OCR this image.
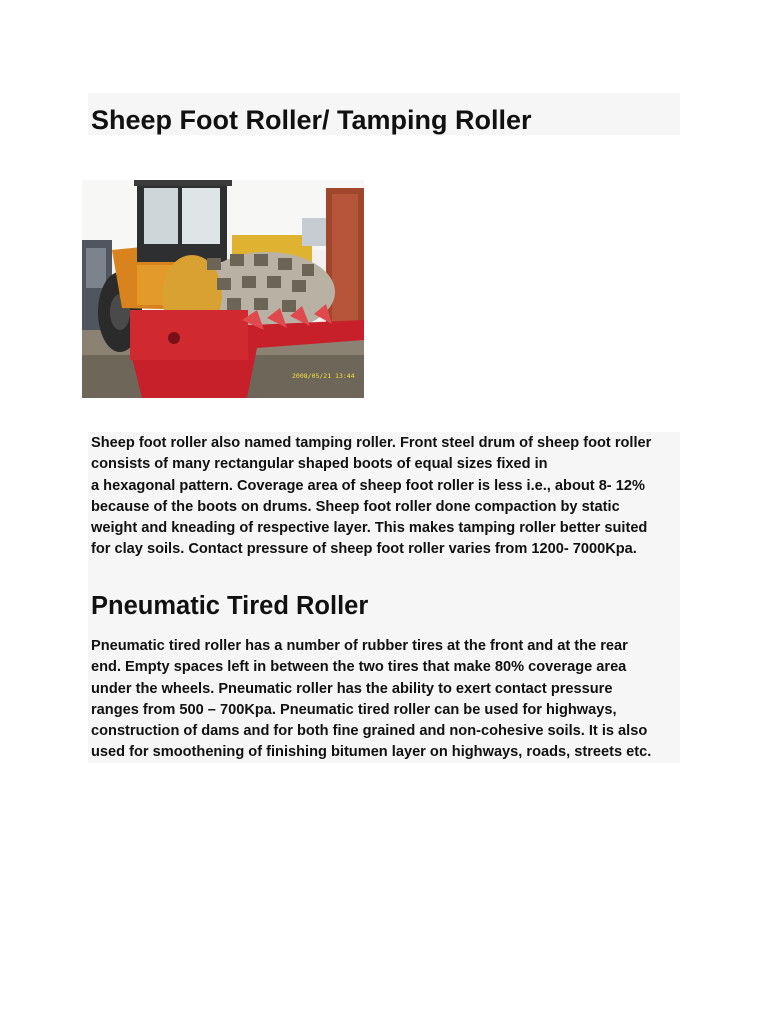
Sheep Foot Roller/ Tamping Roller
2008/05/21 13:44

Sheep foot roller also named tamping roller. Front steel drum of sheep foot roller
consists of many rectangular shaped boots of equal sizes fixed in
a hexagonal pattern. Coverage area of sheep foot roller is less i.e., about 8- 12%
because of the boots on drums. Sheep foot roller done compaction by static
weight and kneading of respective layer. This makes tamping roller better suited
for clay soils. Contact pressure of sheep foot roller varies from 1200- 7000Kpa.

Pneumatic Tired Roller

Pneumatic tired roller has a number of rubber tires at the front and at the rear
end. Empty spaces left in between the two tires that make 80% coverage area
under the wheels. Pneumatic roller has the ability to exert contact pressure
ranges from 500 – 700Kpa. Pneumatic tired roller can be used for highways,
construction of dams and for both fine grained and non-cohesive soils. It is also
used for smoothening of finishing bitumen layer on highways, roads, streets etc.
